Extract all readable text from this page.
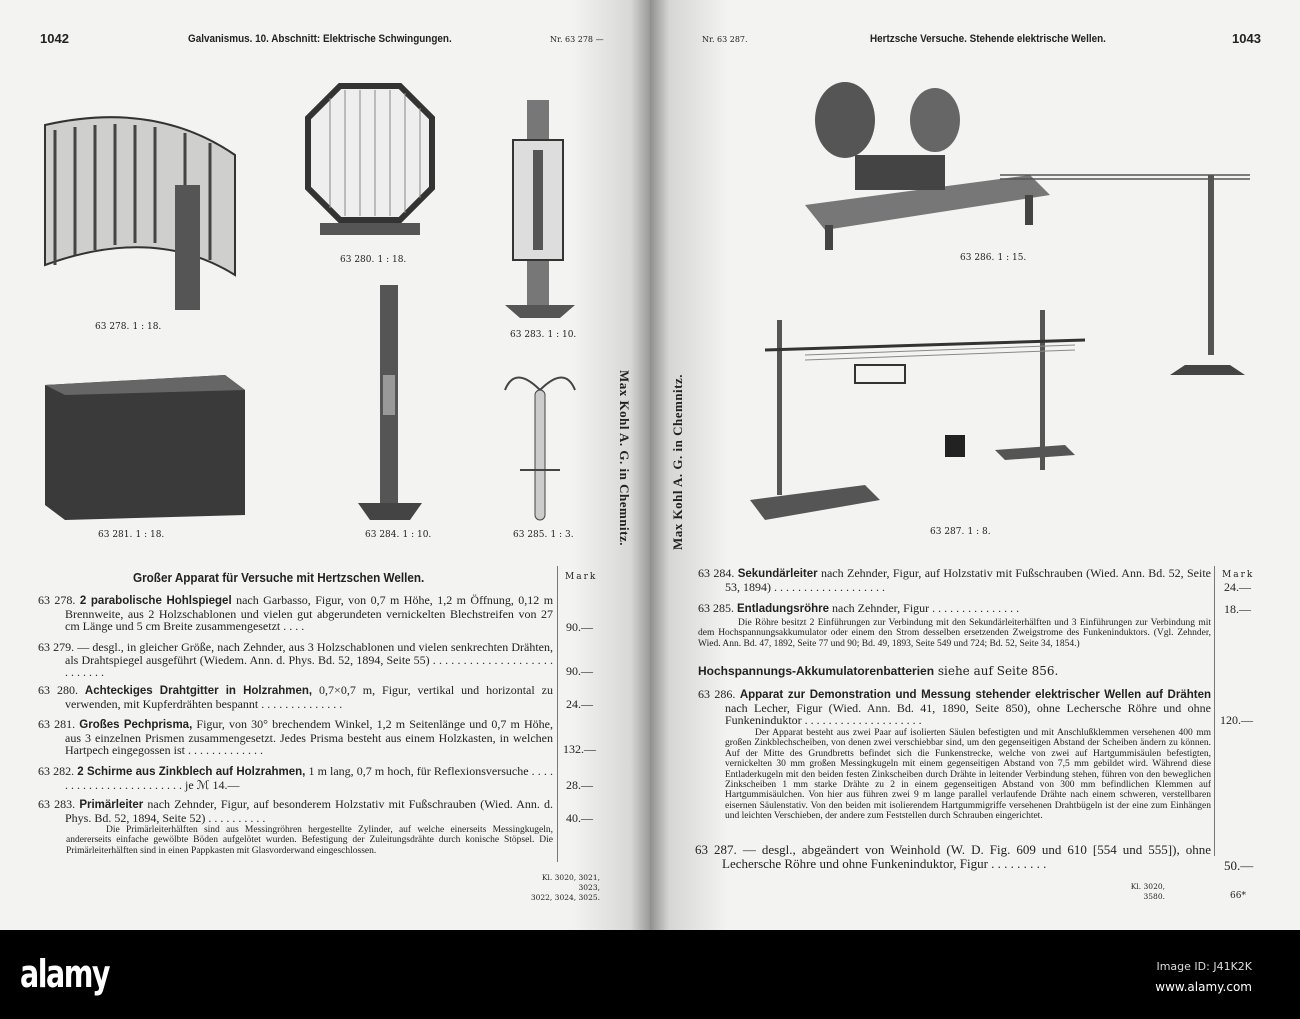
1042	Galvanismus. 10. Abschnitt: Elektrische Schwingungen.	Nr. 63 278 —
63 278. 1 : 18.
63 280. 1 : 18.
63 283. 1 : 10.
63 281. 1 : 18.	63 284. 1 : 10.	63 285. 1 : 3.	Max Kohl A. G. in Chemnitz.
Großer Apparat für Versuche mit Hertzschen Wellen.	Mark
63 278. 2 parabolische Hohlspiegel nach Garbasso, Figur, von 0,7 m Höhe, 1,2 m Öffnung, 0,12 m Brennweite, aus 2 Holzschablonen und vielen gut abgerundeten vernickelten Blechstreifen von 27 cm Länge und 5 cm Breite zusammengesetzt . . . .	90.—
63 279. — desgl., in gleicher Größe, nach Zehnder, aus 3 Holzschablonen und vielen senkrechten Drähten, als Drahtspiegel ausgeführt (Wiedem. Ann. d. Phys. Bd. 52, 1894, Seite 55) . . . . . . . . . . . . . . . . . . . . . . . . . . .	90.—
63 280. Achteckiges Drahtgitter in Holzrahmen, 0,7×0,7 m, Figur, vertikal und horizontal zu verwenden, mit Kupferdrähten bespannt . . . . . . . . . . . . . .	24.—
63 281. Großes Pechprisma, Figur, von 30° brechendem Winkel, 1,2 m Seitenlänge und 0,7 m Höhe, aus 3 einzelnen Prismen zusammengesetzt. Jedes Prisma besteht aus einem Holzkasten, in welchen Hartpech eingegossen ist . . . . . . . . . . . . .	132.—
63 282. 2 Schirme aus Zinkblech auf Holzrahmen, 1 m lang, 0,7 m hoch, für Reflexionsversuche . . . . . . . . . . . . . . . . . . . . . . . . je ℳ 14.—	28.—
63 283. Primärleiter nach Zehnder, Figur, auf besonderem Holzstativ mit Fußschrauben (Wied. Ann. d. Phys. Bd. 52, 1894, Seite 52) . . . . . . . . . .	40.—
Die Primärleiterhälften sind aus Messingröhren hergestellte Zylinder, auf welche einerseits Messingkugeln, andererseits einfache gewölbte Böden aufgelötet wurden. Befestigung der Zuleitungsdrähte durch konische Stöpsel. Die Primärleiterhälften sind in einen Pappkasten mit Glasvorderwand eingeschlossen.
Kl. 3020, 3021, 3023,
3022, 3024, 3025.
Nr. 63 287.	Hertzsche Versuche. Stehende elektrische Wellen.	1043
63 286. 1 : 15.
63 287. 1 : 8.
Max Kohl A. G. in Chemnitz.
Mark
63 284. Sekundärleiter nach Zehnder, Figur, auf Holzstativ mit Fußschrauben (Wied. Ann. Bd. 52, Seite 53, 1894) . . . . . . . . . . . . . . . . . . .	24.—
63 285. Entladungsröhre nach Zehnder, Figur . . . . . . . . . . . . . . .	18.—
Die Röhre besitzt 2 Einführungen zur Verbindung mit den Sekundärleiterhälften und 3 Einführungen zur Verbindung mit dem Hochspannungsakkumulator oder einem den Strom desselben ersetzenden Zweigstrome des Funkeninduktors. (Vgl. Zehnder, Wied. Ann. Bd. 47, 1892, Seite 77 und 90; Bd. 49, 1893, Seite 549 und 724; Bd. 52, Seite 34, 1854.)
Hochspannungs-Akkumulatorenbatterien siehe auf Seite 856.
63 286. Apparat zur Demonstration und Messung stehender elektrischer Wellen auf Drähten nach Lecher, Figur (Wied. Ann. Bd. 41, 1890, Seite 850), ohne Lechersche Röhre und ohne Funkeninduktor . . . . . . . . . . . . . . . . . . . .	120.—
Der Apparat besteht aus zwei Paar auf isolierten Säulen befestigten und mit Anschlußklemmen versehenen 400 mm großen Zinkblechscheiben, von denen zwei verschiebbar sind, um den gegenseitigen Abstand der Scheiben ändern zu können. Auf der Mitte des Grundbretts befindet sich die Funkenstrecke, welche von zwei auf Hartgummisäulen befestigten, vernickelten 30 mm großen Messingkugeln mit einem gegenseitigen Abstand von 7,5 mm gebildet wird. Während diese Entladerkugeln mit den beiden festen Zinkscheiben durch Drähte in leitender Verbindung stehen, führen von den beweglichen Zinkscheiben 1 mm starke Drähte zu 2 in einem gegenseitigen Abstand von 300 mm befindlichen Klemmen auf Hartgummisäulchen. Von hier aus führen zwei 9 m lange parallel verlaufende Drähte nach einem schweren, verstellbaren eisernen Säulenstativ. Von den beiden mit isolierendem Hartgummigriffe versehenen Drahtbügeln ist der eine zum Einhängen und leichten Verschieben, der andere zum Feststellen durch Schrauben eingerichtet.
63 287. — desgl., abgeändert von Weinhold (W. D. Fig. 609 und 610 [554 und 555]), ohne Lechersche Röhre und ohne Funkeninduktor, Figur . . . . . . . . .	50.—
Kl. 3020,
3580.	66*
alamy	Image ID: J41K2K
www.alamy.com
